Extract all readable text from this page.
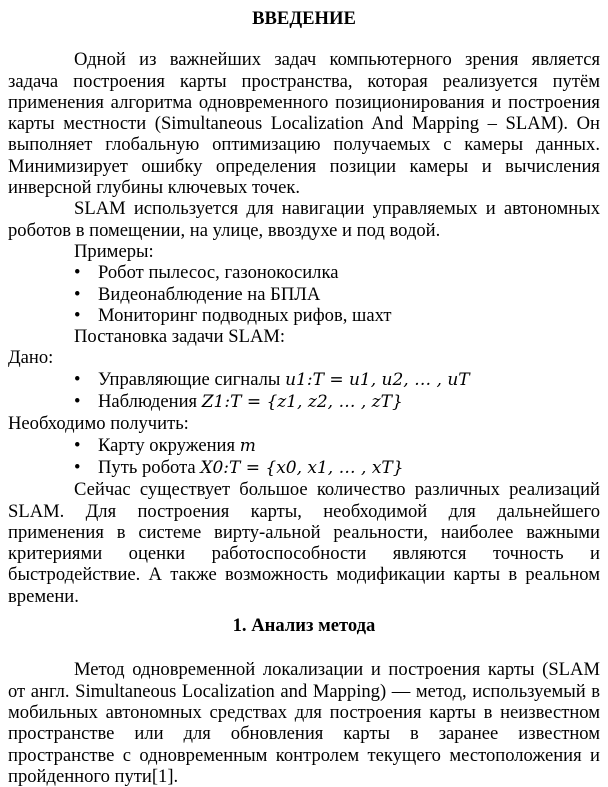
ВВЕДЕНИЕ

Одной из важнейших задач компьютерного зрения является задача построения карты пространства, которая реализуется путём применения алгоритма одновременного позиционирования и построения карты местности (Simultaneous Localization And Mapping – SLAM). Он выполняет глобальную оптимизацию получаемых с камеры данных. Минимизирует ошибку определения позиции камеры и вычисления инверсной глубины ключевых точек.

SLAM используется для навигации управляемых и автономных роботов в помещении, на улице, ввоздухе и под водой.

Примеры:

• Робот пылесос, газонокосилка
• Видеонаблюдение на БПЛА
• Мониторинг подводных рифов, шахт

Постановка задачи SLAM:

Дано:

• Управляющие сигналы u1:T = u1, u2, … , uT
• Наблюдения Z1:T = {z1, z2, … , zT}

Необходимо получить:

• Карту окружения m
• Путь робота X0:T = {x0, x1, … , xT}

Сейчас существует большое количество различных реализаций SLAM. Для построения карты, необходимой для дальнейшего применения в системе вирту-альной реальности, наиболее важными критериями оценки работоспособности являются точность и быстродействие. А также возможность модификации карты в реальном времени.

1. Анализ метода

Метод одновременной локализации и построения карты (SLAM от англ. Simultaneous Localization and Mapping) — метод, используемый в мобильных автономных средствах для построения карты в неизвестном пространстве или для обновления карты в заранее известном пространстве с одновременным контролем текущего местоположения и пройденного пути[1].
